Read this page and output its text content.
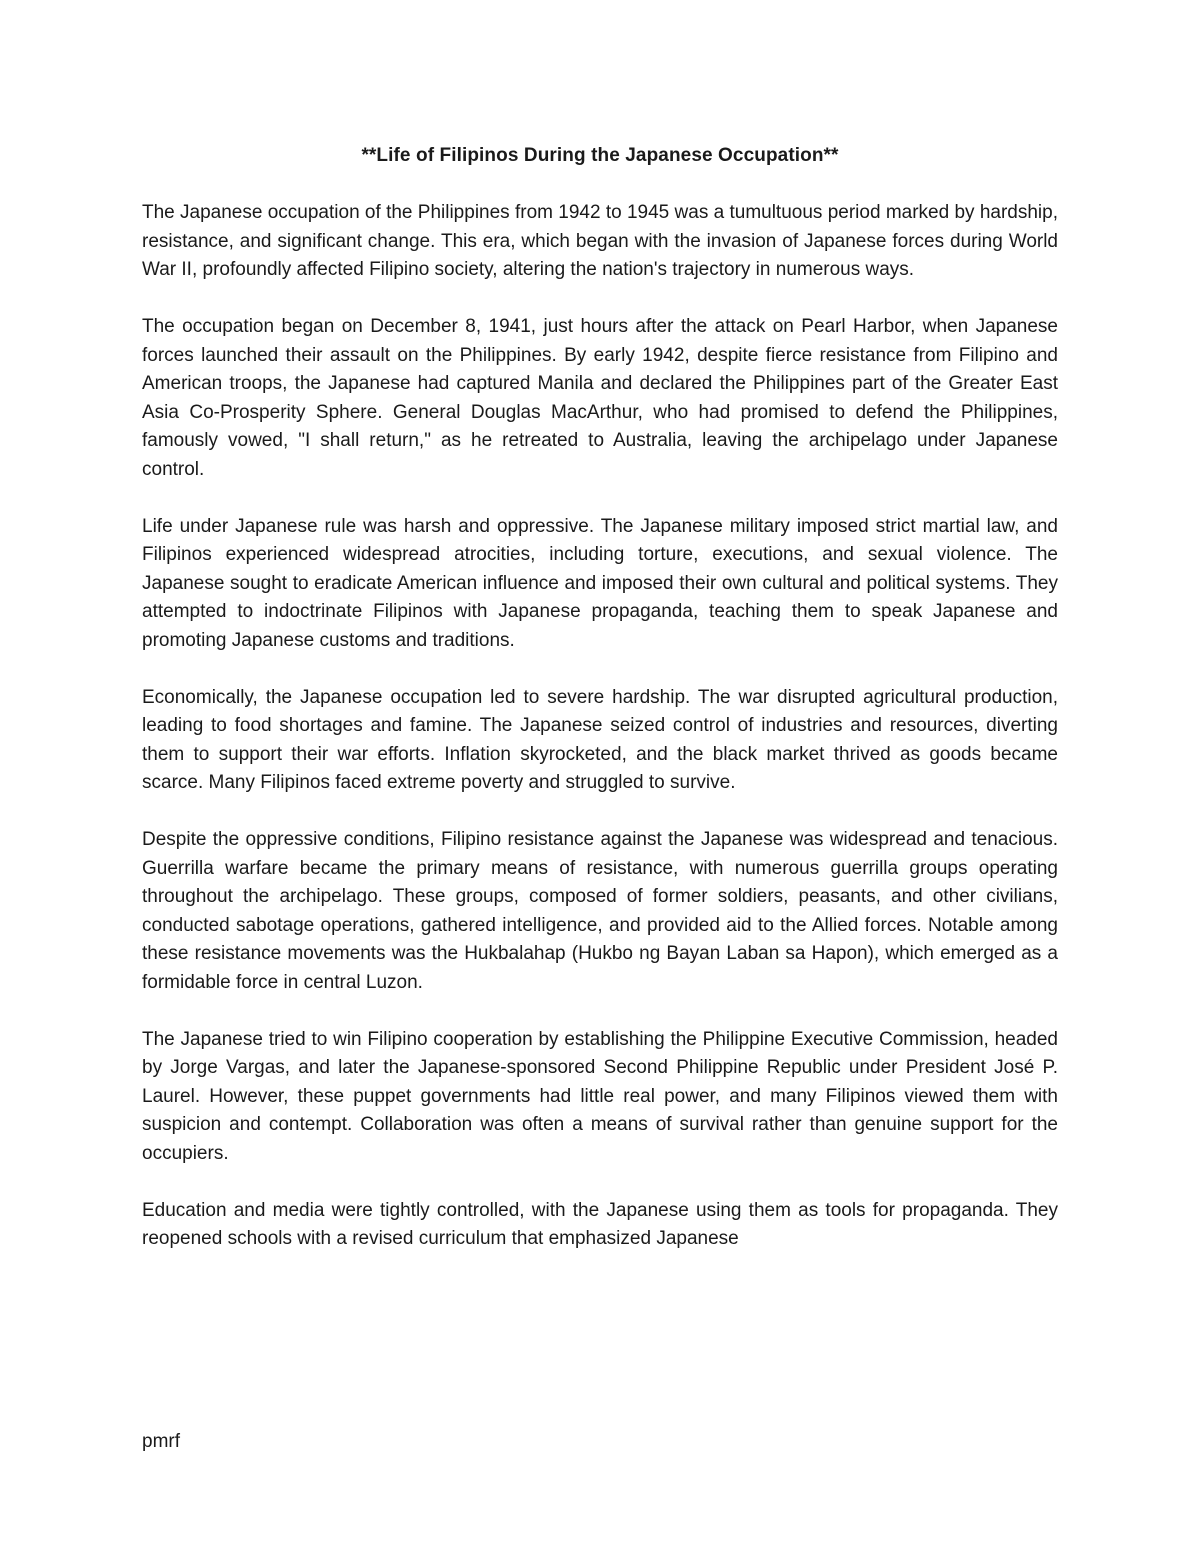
**Life of Filipinos During the Japanese Occupation**

The Japanese occupation of the Philippines from 1942 to 1945 was a tumultuous period marked by hardship, resistance, and significant change. This era, which began with the invasion of Japanese forces during World War II, profoundly affected Filipino society, altering the nation's trajectory in numerous ways.

The occupation began on December 8, 1941, just hours after the attack on Pearl Harbor, when Japanese forces launched their assault on the Philippines. By early 1942, despite fierce resistance from Filipino and American troops, the Japanese had captured Manila and declared the Philippines part of the Greater East Asia Co-Prosperity Sphere. General Douglas MacArthur, who had promised to defend the Philippines, famously vowed, "I shall return," as he retreated to Australia, leaving the archipelago under Japanese control.

Life under Japanese rule was harsh and oppressive. The Japanese military imposed strict martial law, and Filipinos experienced widespread atrocities, including torture, executions, and sexual violence. The Japanese sought to eradicate American influence and imposed their own cultural and political systems. They attempted to indoctrinate Filipinos with Japanese propaganda, teaching them to speak Japanese and promoting Japanese customs and traditions.

Economically, the Japanese occupation led to severe hardship. The war disrupted agricultural production, leading to food shortages and famine. The Japanese seized control of industries and resources, diverting them to support their war efforts. Inflation skyrocketed, and the black market thrived as goods became scarce. Many Filipinos faced extreme poverty and struggled to survive.

Despite the oppressive conditions, Filipino resistance against the Japanese was widespread and tenacious. Guerrilla warfare became the primary means of resistance, with numerous guerrilla groups operating throughout the archipelago. These groups, composed of former soldiers, peasants, and other civilians, conducted sabotage operations, gathered intelligence, and provided aid to the Allied forces. Notable among these resistance movements was the Hukbalahap (Hukbo ng Bayan Laban sa Hapon), which emerged as a formidable force in central Luzon.

The Japanese tried to win Filipino cooperation by establishing the Philippine Executive Commission, headed by Jorge Vargas, and later the Japanese-sponsored Second Philippine Republic under President José P. Laurel. However, these puppet governments had little real power, and many Filipinos viewed them with suspicion and contempt. Collaboration was often a means of survival rather than genuine support for the occupiers.

Education and media were tightly controlled, with the Japanese using them as tools for propaganda. They reopened schools with a revised curriculum that emphasized Japanese

pmrf
